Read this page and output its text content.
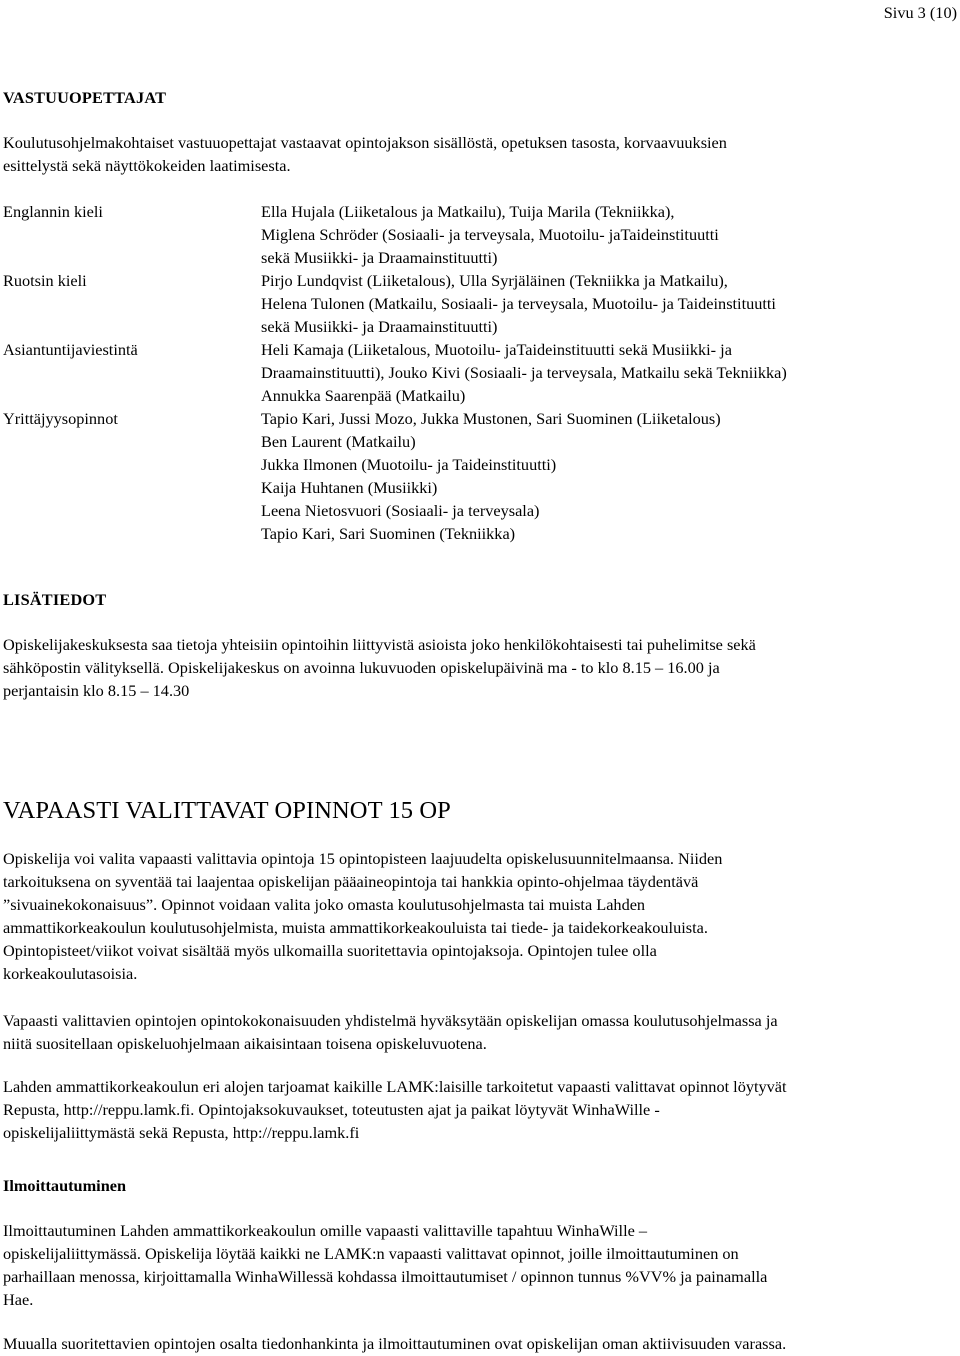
Sivu 3 (10)
VASTUUOPETTAJAT
Koulutusohjelmakohtaiset vastuuopettajat vastaavat opintojakson sisällöstä, opetuksen tasosta, korvaavuuksien
esittelystä sekä näyttökokeiden laatimisesta.
Englannin kieli
Ruotsin kieli
Asiantuntijaviestintä
Yrittäjyysopinnot
Ella Hujala (Liiketalous ja Matkailu), Tuija Marila (Tekniikka),
Miglena Schröder (Sosiaali- ja terveysala, Muotoilu- jaTaideinstituutti
sekä Musiikki- ja Draamainstituutti)
Pirjo Lundqvist (Liiketalous), Ulla Syrjäläinen (Tekniikka ja Matkailu),
Helena Tulonen (Matkailu, Sosiaali- ja terveysala, Muotoilu- ja Taideinstituutti
sekä Musiikki- ja Draamainstituutti)
Heli Kamaja (Liiketalous, Muotoilu- jaTaideinstituutti sekä Musiikki- ja
Draamainstituutti), Jouko Kivi (Sosiaali- ja terveysala, Matkailu sekä Tekniikka)
Annukka Saarenpää (Matkailu)
Tapio Kari, Jussi Mozo, Jukka Mustonen, Sari Suominen (Liiketalous)
Ben Laurent (Matkailu)
Jukka Ilmonen (Muotoilu- ja Taideinstituutti)
Kaija Huhtanen (Musiikki)
Leena Nietosvuori (Sosiaali- ja terveysala)
Tapio Kari, Sari Suominen (Tekniikka)
LISÄTIEDOT
Opiskelijakeskuksesta saa tietoja yhteisiin opintoihin liittyvistä asioista joko henkilökohtaisesti tai puhelimitse sekä
sähköpostin välityksellä. Opiskelijakeskus on avoinna lukuvuoden opiskelupäivinä ma - to klo 8.15 – 16.00 ja
perjantaisin klo 8.15 – 14.30
VAPAASTI VALITTAVAT OPINNOT 15 OP
Opiskelija voi valita vapaasti valittavia opintoja 15 opintopisteen laajuudelta opiskelusuunnitelmaansa. Niiden
tarkoituksena on syventää tai laajentaa opiskelijan pääaineopintoja tai hankkia opinto-ohjelmaa täydentävä
”sivuainekokonaisuus”. Opinnot voidaan valita joko omasta koulutusohjelmasta tai muista Lahden
ammattikorkeakoulun koulutusohjelmista, muista ammattikorkeakouluista tai tiede- ja taidekorkeakouluista.
Opintopisteet/viikot voivat sisältää myös ulkomailla suoritettavia opintojaksoja. Opintojen tulee olla
korkeakoulutasoisia.
Vapaasti valittavien opintojen opintokokonaisuuden yhdistelmä hyväksytään opiskelijan omassa koulutusohjelmassa ja
niitä suositellaan opiskeluohjelmaan aikaisintaan toisena opiskeluvuotena.
Lahden ammattikorkeakoulun eri alojen tarjoamat kaikille LAMK:laisille tarkoitetut vapaasti valittavat opinnot löytyvät
Repusta, http://reppu.lamk.fi. Opintojaksokuvaukset, toteutusten ajat ja paikat löytyvät WinhaWille -
opiskelijaliittymästä sekä Repusta, http://reppu.lamk.fi
Ilmoittautuminen
Ilmoittautuminen Lahden ammattikorkeakoulun omille vapaasti valittaville tapahtuu WinhaWille –
opiskelijaliittymässä. Opiskelija löytää kaikki ne LAMK:n vapaasti valittavat opinnot, joille ilmoittautuminen on
parhaillaan menossa, kirjoittamalla WinhaWillessä kohdassa ilmoittautumiset / opinnon tunnus %VV% ja painamalla
Hae.
Muualla suoritettavien opintojen osalta tiedonhankinta ja ilmoittautuminen ovat opiskelijan oman aktiivisuuden varassa.
